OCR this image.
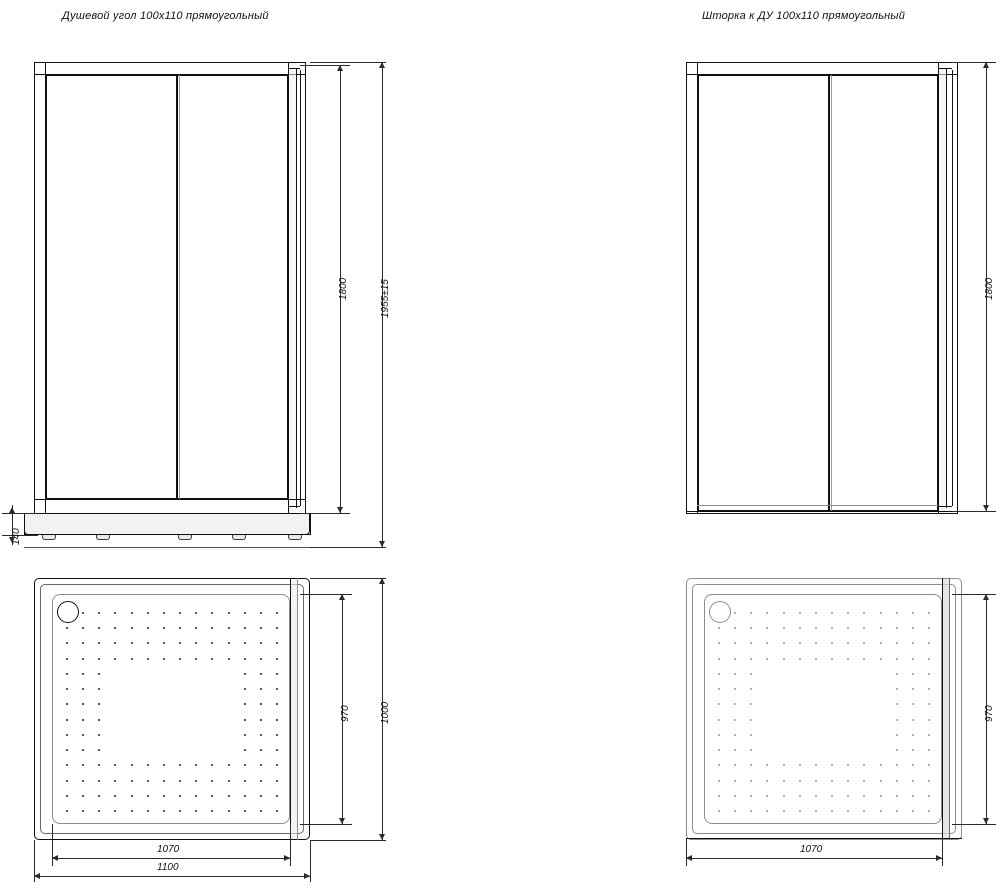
Душевой угол 100х110 прямоугольный	Шторка к ДУ 100х110 прямоугольный
140
1800	1955±15
970	1000
1070
1100
1800
970
1070
